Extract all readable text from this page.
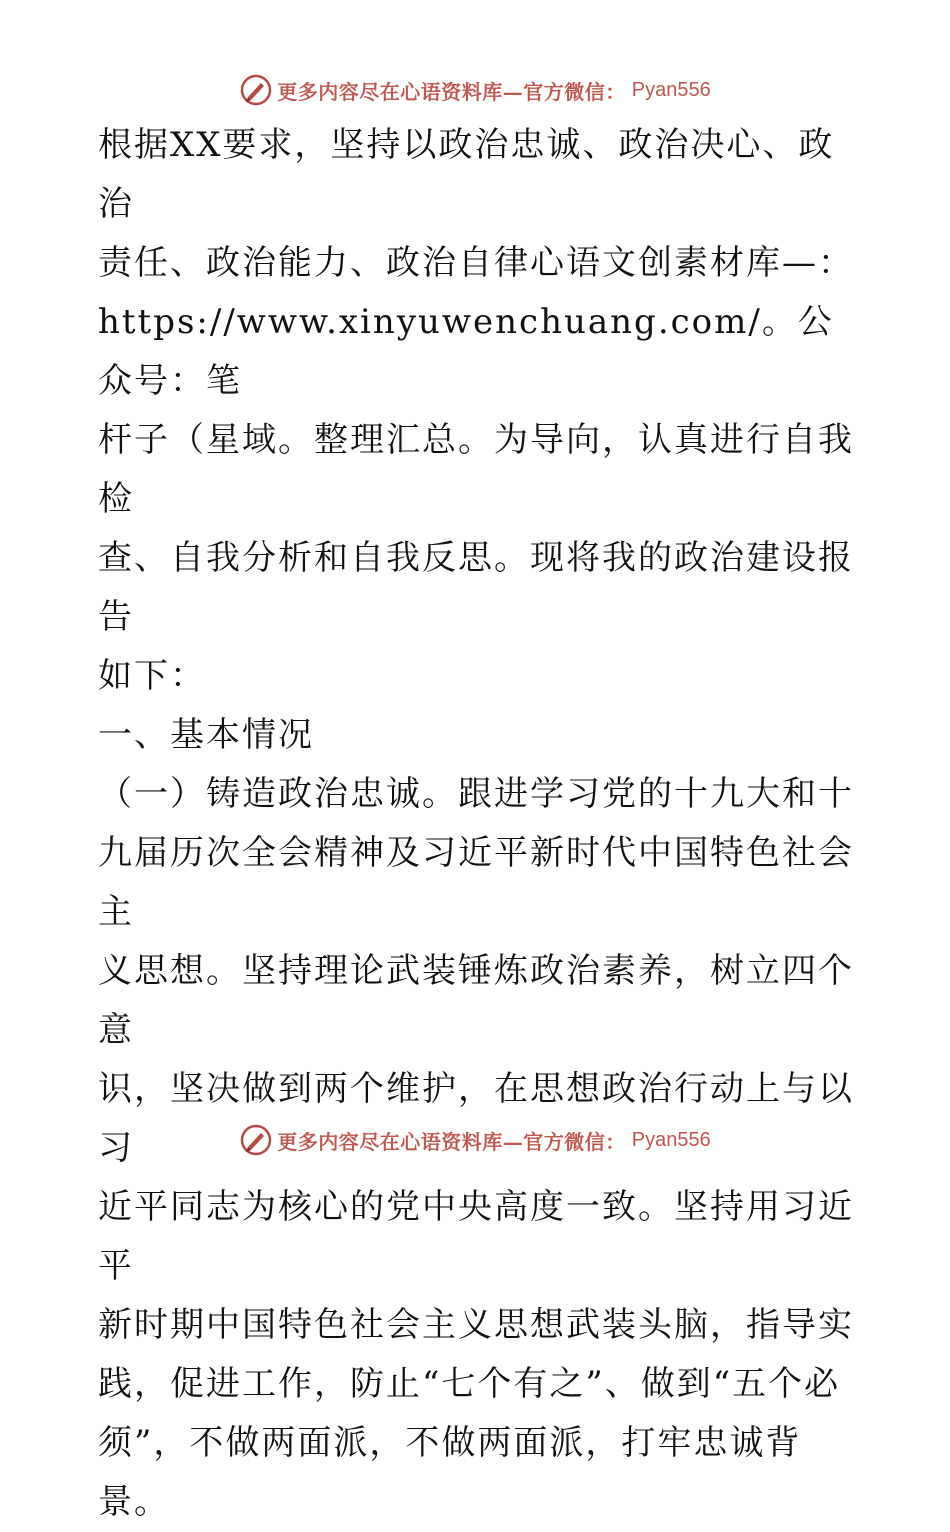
更多内容尽在心语资料库—官方微信： Pyan556

根据XX要求，坚持以政治忠诚、政治决心、政治
责任、政治能力、政治自律心语文创素材库—：
https://www.xinyuwenchuang.com/。公众号：笔
杆子（星域。整理汇总。为导向，认真进行自我检
查、自我分析和自我反思。现将我的政治建设报告
如下：

一、基本情况

（一）铸造政治忠诚。跟进学习党的十九大和十
九届历次全会精神及习近平新时代中国特色社会主
义思想。坚持理论武装锤炼政治素养，树立四个意
识，坚决做到两个维护，在思想政治行动上与以习
近平同志为核心的党中央高度一致。坚持用习近平
新时期中国特色社会主义思想武装头脑，指导实
践，促进工作，防止“七个有之”、做到“五个必
须”，不做两面派，不做两面派，打牢忠诚背景。

更多内容尽在心语资料库—官方微信： Pyan556
